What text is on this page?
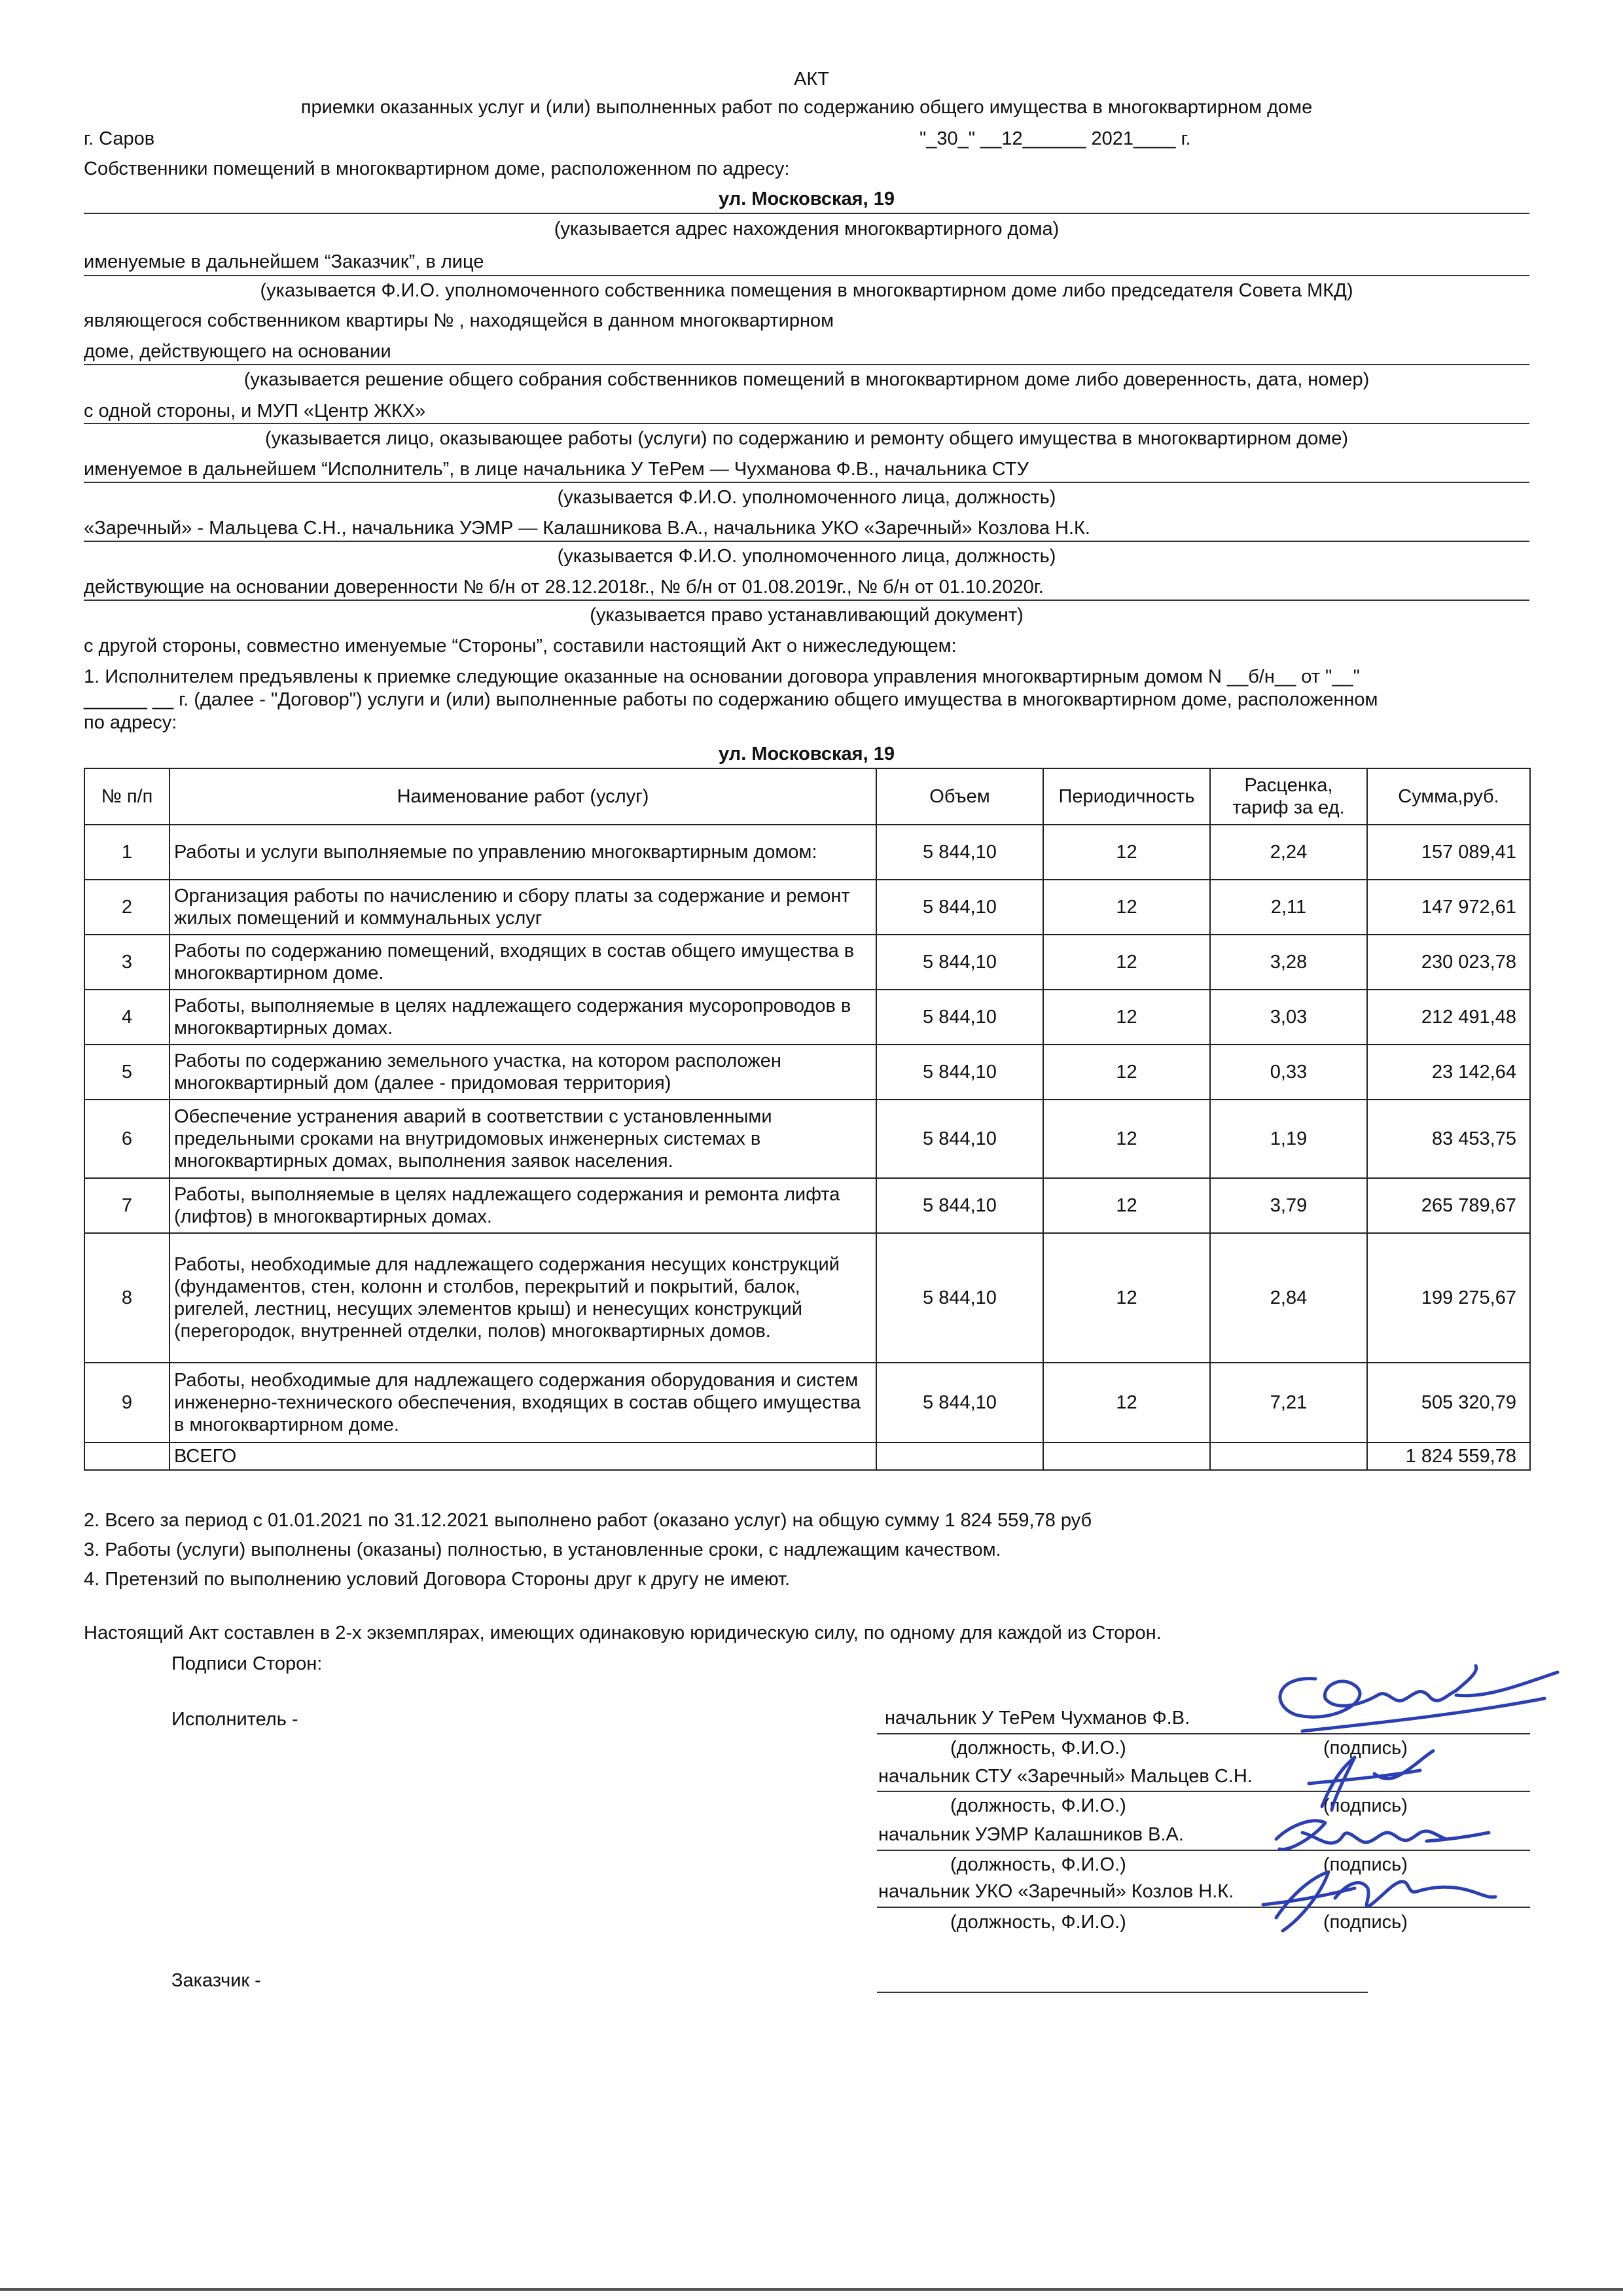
АКТ
приемки оказанных услуг и (или) выполненных работ по содержанию общего имущества в многоквартирном доме
г. Саров	"_30_" __12______ 2021____ г.
Собственники помещений в многоквартирном доме, расположенном по адресу:
ул. Московская, 19
(указывается адрес нахождения многоквартирного дома)
именуемые в дальнейшем “Заказчик”, в лице
(указывается Ф.И.О. уполномоченного собственника помещения в многоквартирном доме либо председателя Совета МКД)
являющегося собственником квартиры № , находящейся в данном многоквартирном
доме, действующего на основании
(указывается решение общего собрания собственников помещений в многоквартирном доме либо доверенность, дата, номер)
с одной стороны, и МУП «Центр ЖКХ»
(указывается лицо, оказывающее работы (услуги) по содержанию и ремонту общего имущества в многоквартирном доме)
именуемое в дальнейшем “Исполнитель”, в лице начальника У ТеРем — Чухманова Ф.В., начальника СТУ
(указывается Ф.И.О. уполномоченного лица, должность)
«Заречный» - Мальцева С.Н., начальника УЭМР — Калашникова В.А., начальника УКО «Заречный» Козлова Н.К.
(указывается Ф.И.О. уполномоченного лица, должность)
действующие на основании доверенности № б/н от 28.12.2018г., № б/н от 01.08.2019г., № б/н от 01.10.2020г.
(указывается право устанавливающий документ)
с другой стороны, совместно именуемые “Стороны”, составили настоящий Акт о нижеследующем:
1. Исполнителем предъявлены к приемке следующие оказанные на основании договора управления многоквартирным домом N __б/н__ от "__"
______ __ г. (далее - "Договор") услуги и (или) выполненные работы по содержанию общего имущества в многоквартирном доме, расположенном
по адресу:
ул. Московская, 19
№ п/п	Наименование работ (услуг)	Объем	Периодичность	Расценка, тариф за ед.	Сумма,руб.
1	Работы и услуги выполняемые по управлению многоквартирным домом:	5 844,10	12	2,24	157 089,41
2	Организация работы по начислению и сбору платы за содержание и ремонт жилых помещений и коммунальных услуг	5 844,10	12	2,11	147 972,61
3	Работы по содержанию помещений, входящих в состав общего имущества в многоквартирном доме.	5 844,10	12	3,28	230 023,78
4	Работы, выполняемые в целях надлежащего содержания мусоропроводов в многоквартирных домах.	5 844,10	12	3,03	212 491,48
5	Работы по содержанию земельного участка, на котором расположен многоквартирный дом (далее - придомовая территория)	5 844,10	12	0,33	23 142,64
6	Обеспечение устранения аварий в соответствии с установленными предельными сроками на внутридомовых инженерных системах в многоквартирных домах, выполнения заявок населения.	5 844,10	12	1,19	83 453,75
7	Работы, выполняемые в целях надлежащего содержания и ремонта лифта (лифтов) в многоквартирных домах.	5 844,10	12	3,79	265 789,67
8	Работы, необходимые для надлежащего содержания несущих конструкций (фундаментов, стен, колонн и столбов, перекрытий и покрытий, балок, ригелей, лестниц, несущих элементов крыш) и ненесущих конструкций (перегородок, внутренней отделки, полов) многоквартирных домов.	5 844,10	12	2,84	199 275,67
9	Работы, необходимые для надлежащего содержания оборудования и систем инженерно-технического обеспечения, входящих в состав общего имущества в многоквартирном доме.	5 844,10	12	7,21	505 320,79
	ВСЕГО				1 824 559,78
2. Всего за период с 01.01.2021 по 31.12.2021 выполнено работ (оказано услуг) на общую сумму 1 824 559,78 руб
3. Работы (услуги) выполнены (оказаны) полностью, в установленные сроки, с надлежащим качеством.
4. Претензий по выполнению условий Договора Стороны друг к другу не имеют.
Настоящий Акт составлен в 2-х экземплярах, имеющих одинаковую юридическую силу, по одному для каждой из Сторон.
Подписи Сторон:
Исполнитель -	начальник У ТеРем Чухманов Ф.В.
(должность, Ф.И.О.)	(подпись)
начальник СТУ «Заречный» Мальцев С.Н.
(должность, Ф.И.О.)	(подпись)
начальник УЭМР Калашников В.А.
(должность, Ф.И.О.)	(подпись)
начальник УКО «Заречный» Козлов Н.К.
(должность, Ф.И.О.)	(подпись)
Заказчик -
